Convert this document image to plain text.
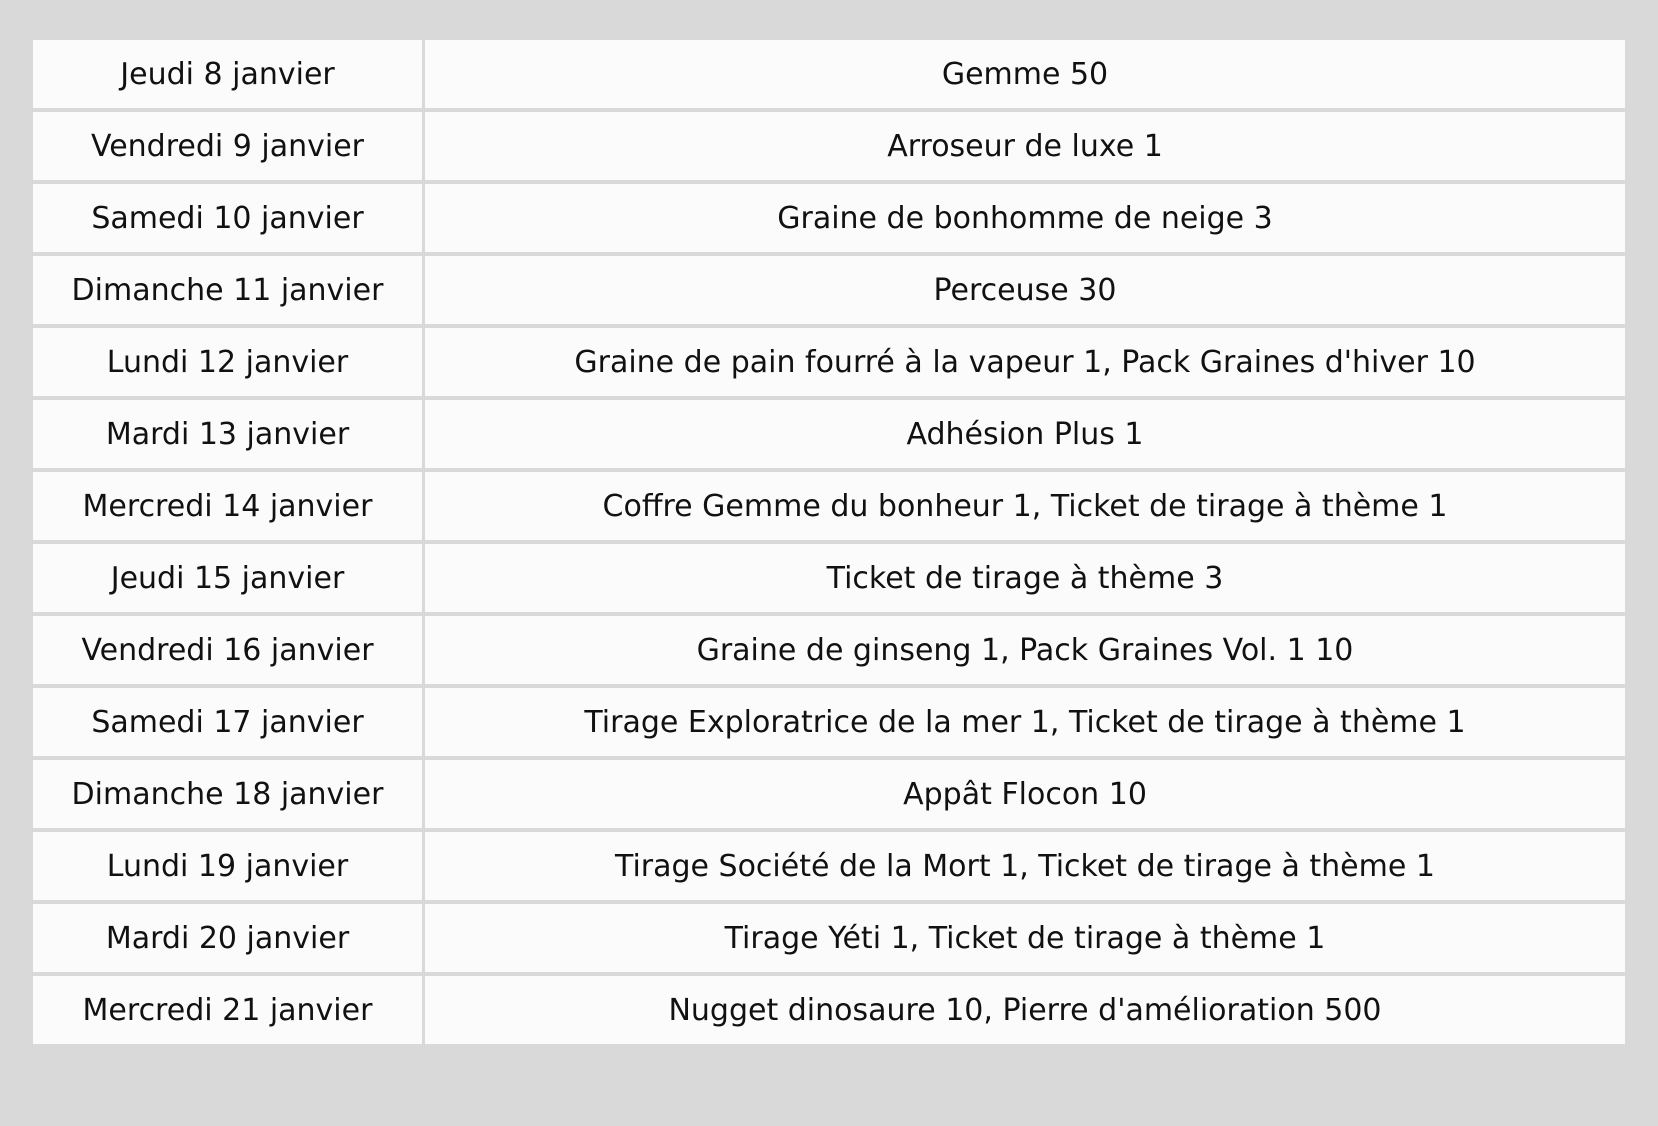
Jeudi 8 janvier	Gemme 50
Vendredi 9 janvier	Arroseur de luxe 1
Samedi 10 janvier	Graine de bonhomme de neige 3
Dimanche 11 janvier	Perceuse 30
Lundi 12 janvier	Graine de pain fourré à la vapeur 1, Pack Graines d'hiver 10
Mardi 13 janvier	Adhésion Plus 1
Mercredi 14 janvier	Coffre Gemme du bonheur 1, Ticket de tirage à thème 1
Jeudi 15 janvier	Ticket de tirage à thème 3
Vendredi 16 janvier	Graine de ginseng 1, Pack Graines Vol. 1 10
Samedi 17 janvier	Tirage Exploratrice de la mer 1, Ticket de tirage à thème 1
Dimanche 18 janvier	Appât Flocon 10
Lundi 19 janvier	Tirage Société de la Mort 1, Ticket de tirage à thème 1
Mardi 20 janvier	Tirage Yéti 1, Ticket de tirage à thème 1
Mercredi 21 janvier	Nugget dinosaure 10, Pierre d'amélioration 500
